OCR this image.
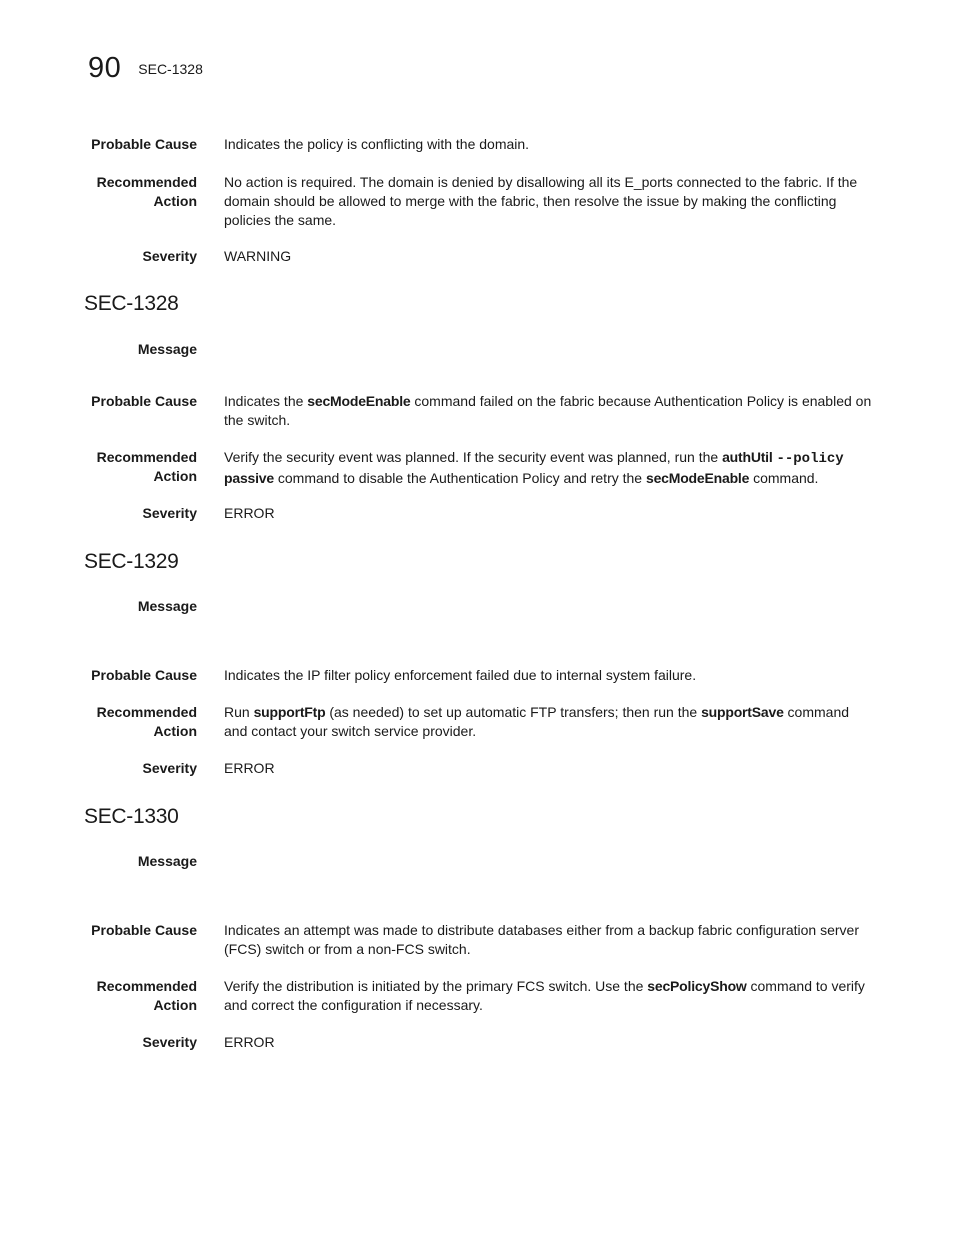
90 SEC-1328
Probable Cause Indicates the policy is conflicting with the domain.
Recommended
Action
No action is required. The domain is denied by disallowing all its E_ports connected to the fabric. If the domain should be allowed to merge with the fabric, then resolve the issue by making the conflicting policies the same.
Severity WARNING
SEC-1328
Message
Probable Cause Indicates the secModeEnable command failed on the fabric because Authentication Policy is enabled on the switch.
Recommended
Action
Verify the security event was planned. If the security event was planned, run the authUtil --policy passive command to disable the Authentication Policy and retry the secModeEnable command.
Severity ERROR
SEC-1329
Message
Probable Cause Indicates the IP filter policy enforcement failed due to internal system failure.
Recommended
Action
Run supportFtp (as needed) to set up automatic FTP transfers; then run the supportSave command and contact your switch service provider.
Severity ERROR
SEC-1330
Message
Probable Cause Indicates an attempt was made to distribute databases either from a backup fabric configuration server (FCS) switch or from a non-FCS switch.
Recommended
Action
Verify the distribution is initiated by the primary FCS switch. Use the secPolicyShow command to verify and correct the configuration if necessary.
Severity ERROR
